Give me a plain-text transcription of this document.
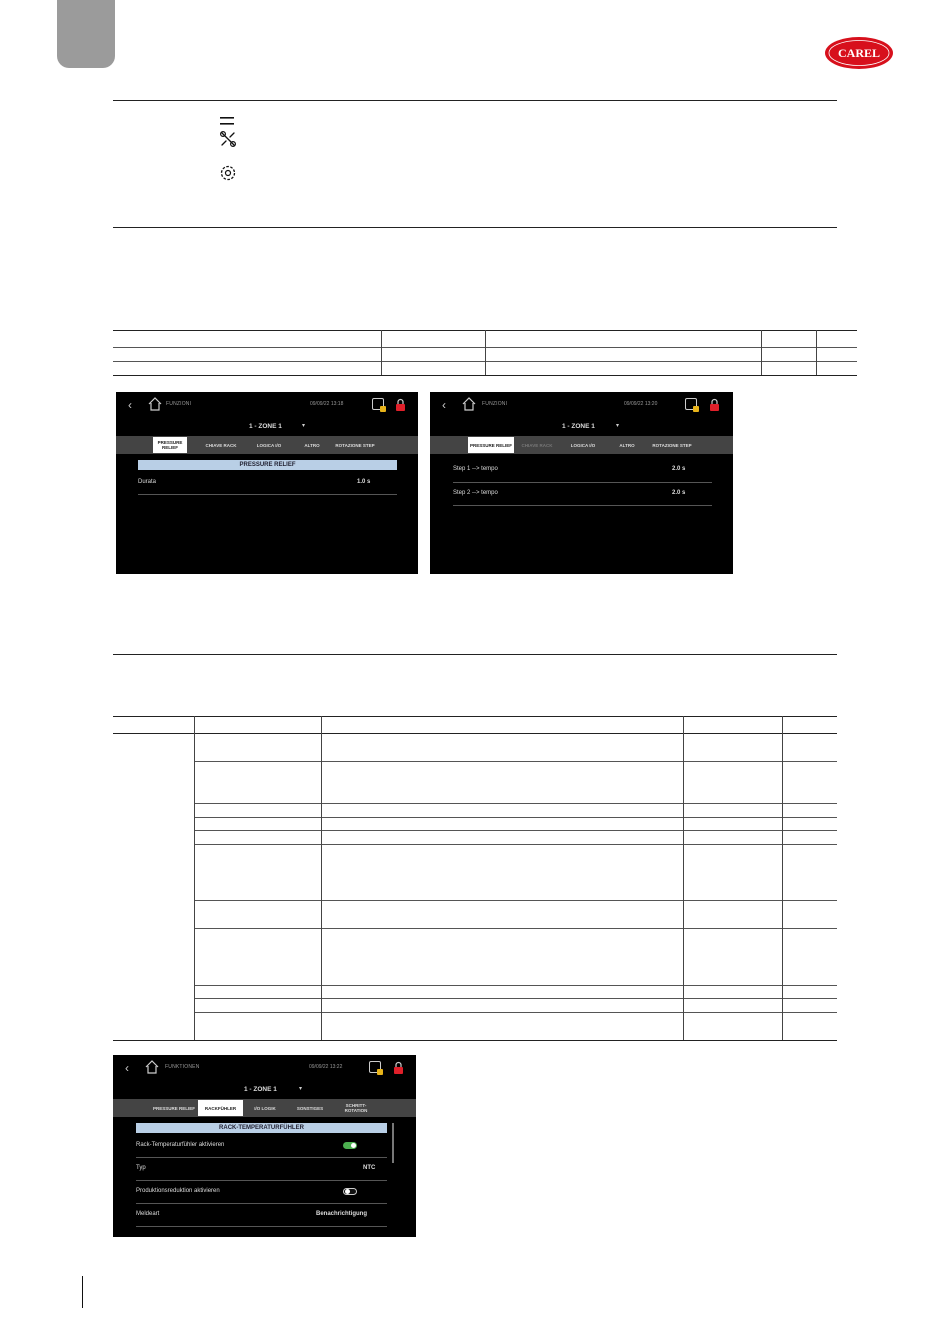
CAREL
‹	FUNZIONI	09/09/22 13:18
1 - ZONE 1	▾
PRESSURE RELIEF	CHIAVE RACK	LOGICA I/O	ALTRO	ROTAZIONE STEP
PRESSURE RELIEF
Durata	1.0 s
‹	FUNZIONI	09/09/22 13:20
1 - ZONE 1	▾
PRESSURE RELIEF	CHIAVE RACK	LOGICA I/O	ALTRO	ROTAZIONE STEP
Step 1 --> tempo	2.0 s
Step 2 --> tempo	2.0 s
‹	FUNKTIONEN	09/09/22 13:22
1 - ZONE 1	▾
PRESSURE RELIEF	RACKFÜHLER	I/O LOGIK	SONSTIGES	SCHRITT-ROTATION
RACK-TEMPERATURFÜHLER
Rack-Temperaturfühler aktivieren
Typ	NTC
Produktionsreduktion aktivieren
Meldeart	Benachrichtigung
